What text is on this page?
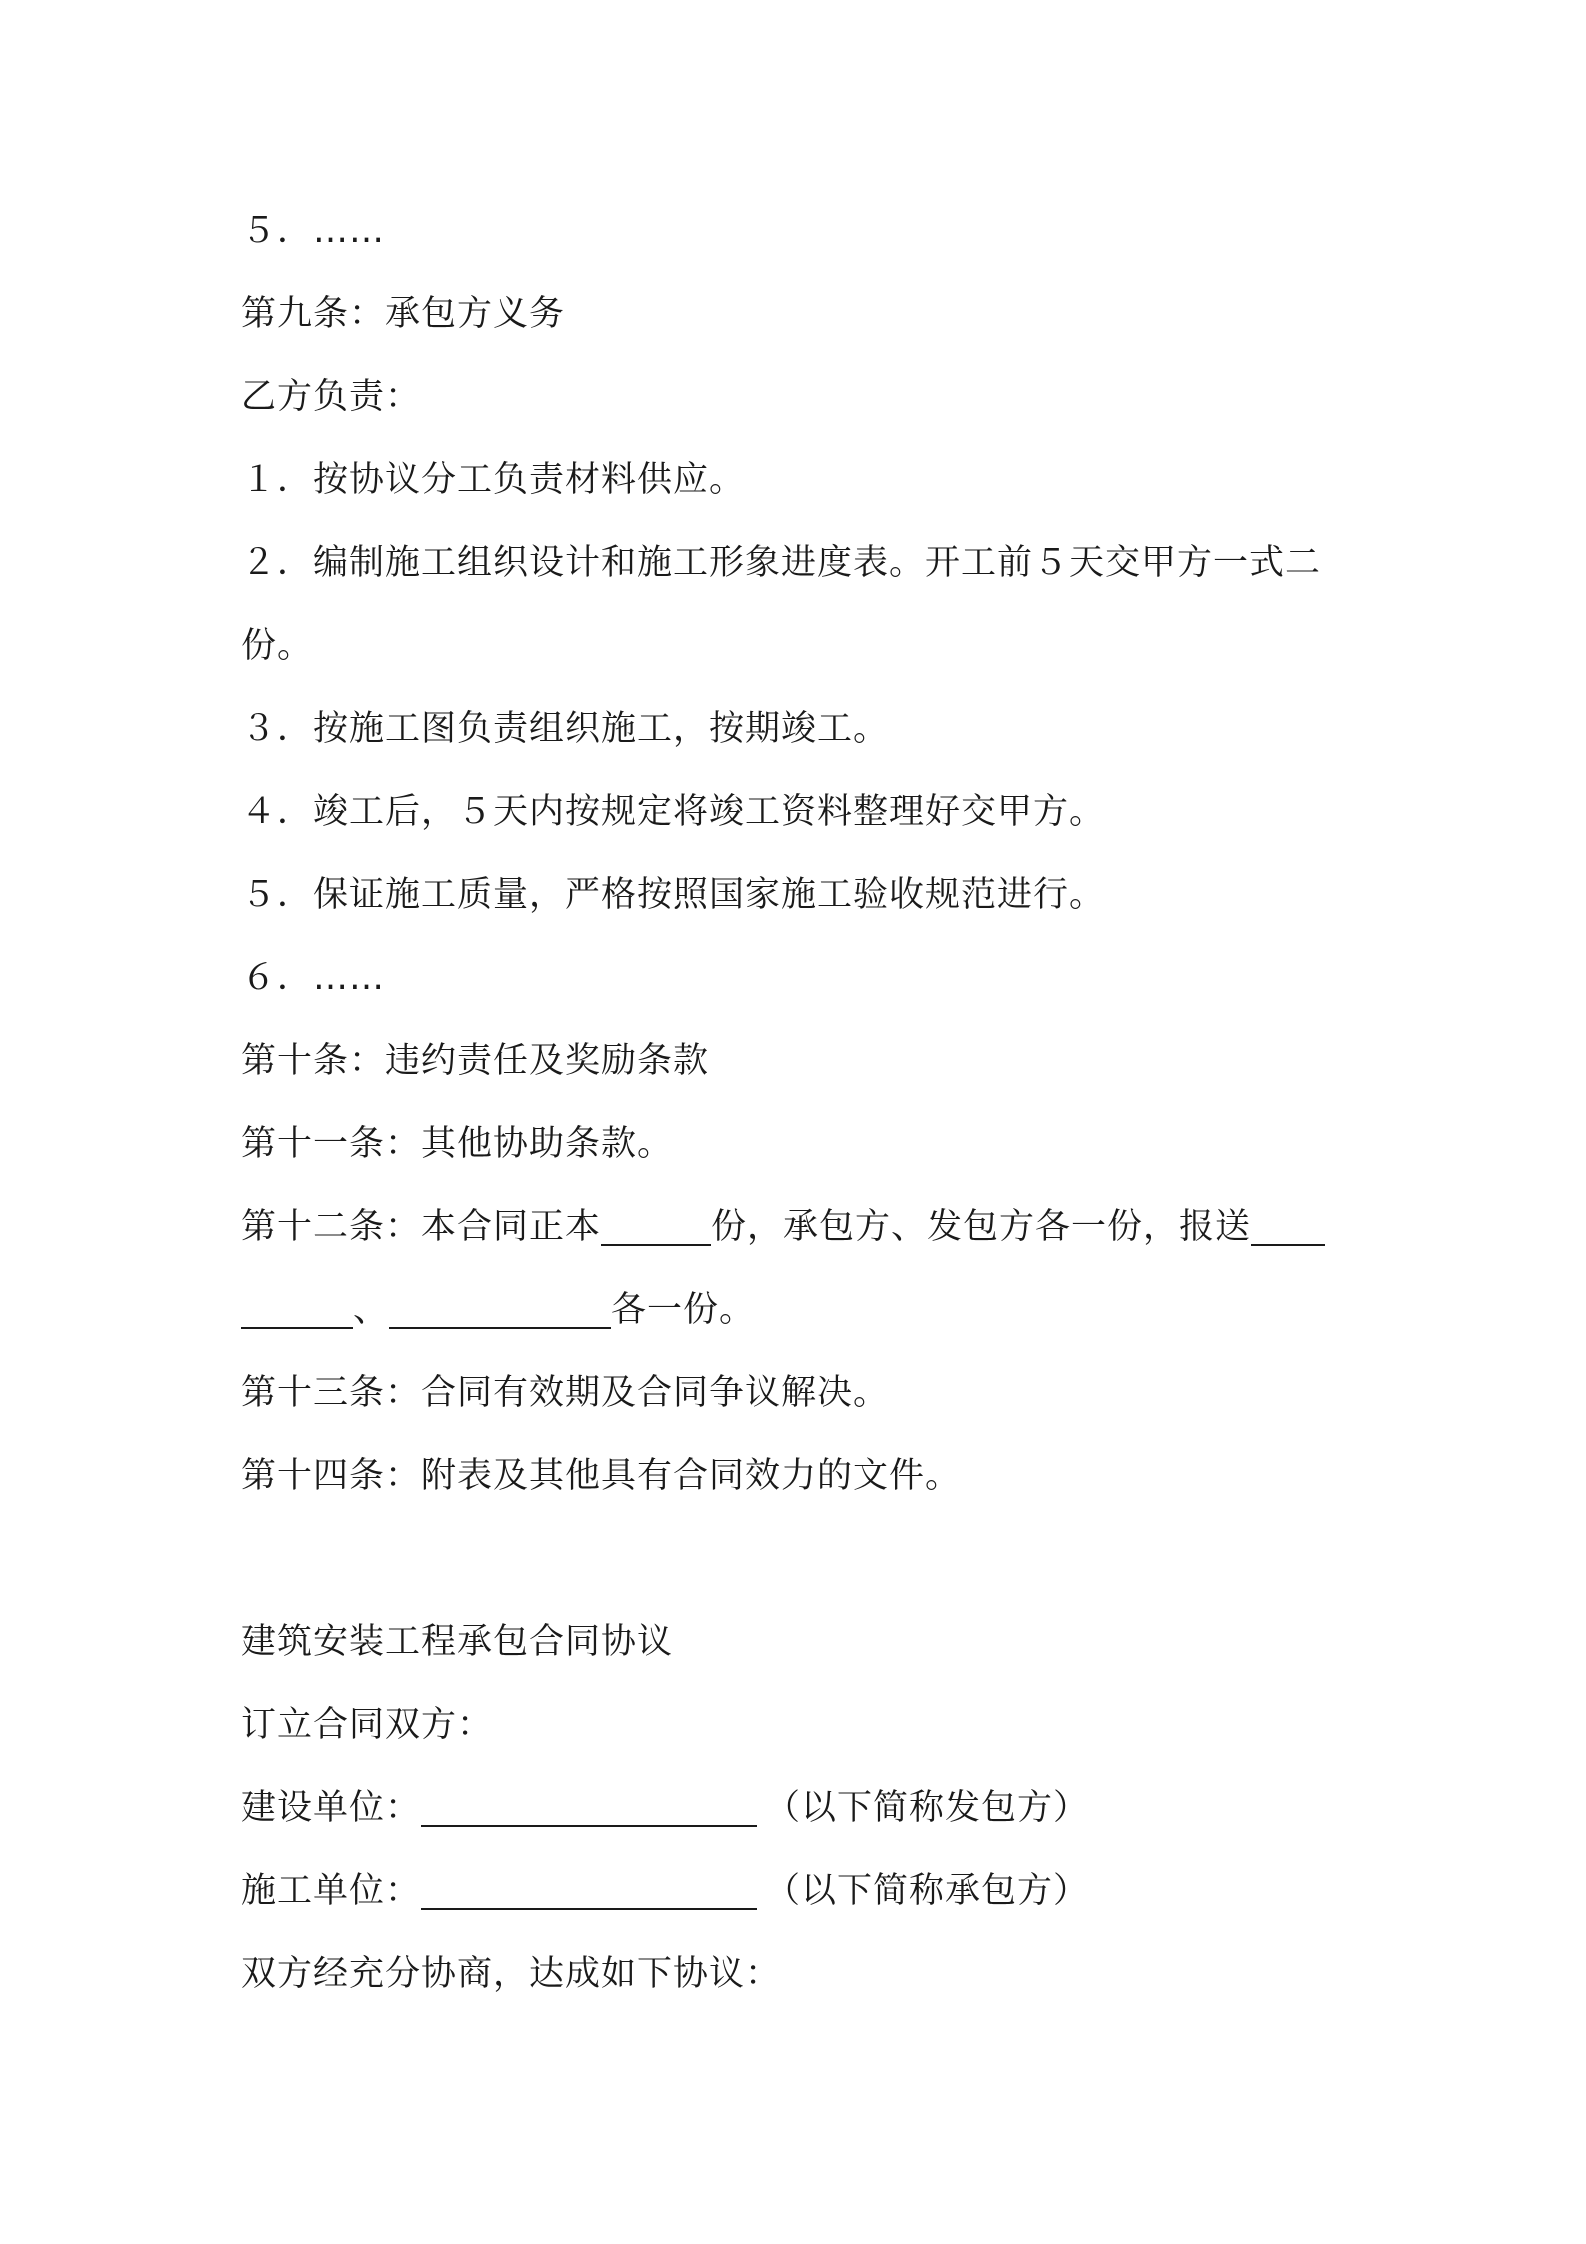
５．……
第九条：承包方义务
乙方负责：
１．按协议分工负责材料供应。
２．编制施工组织设计和施工形象进度表。开工前５天交甲方一式二
份。
３．按施工图负责组织施工，按期竣工。
４．竣工后，５天内按规定将竣工资料整理好交甲方。
５．保证施工质量，严格按照国家施工验收规范进行。
６．……
第十条：违约责任及奖励条款
第十一条：其他协助条款。
第十二条：本合同正本	份，承包方、发包方各一份，报送
、	各一份。
第十三条：合同有效期及合同争议解决。
第十四条：附表及其他具有合同效力的文件。
建筑安装工程承包合同协议
订立合同双方：
建设单位：	（以下简称发包方）
施工单位：	（以下简称承包方）
双方经充分协商，达成如下协议：
